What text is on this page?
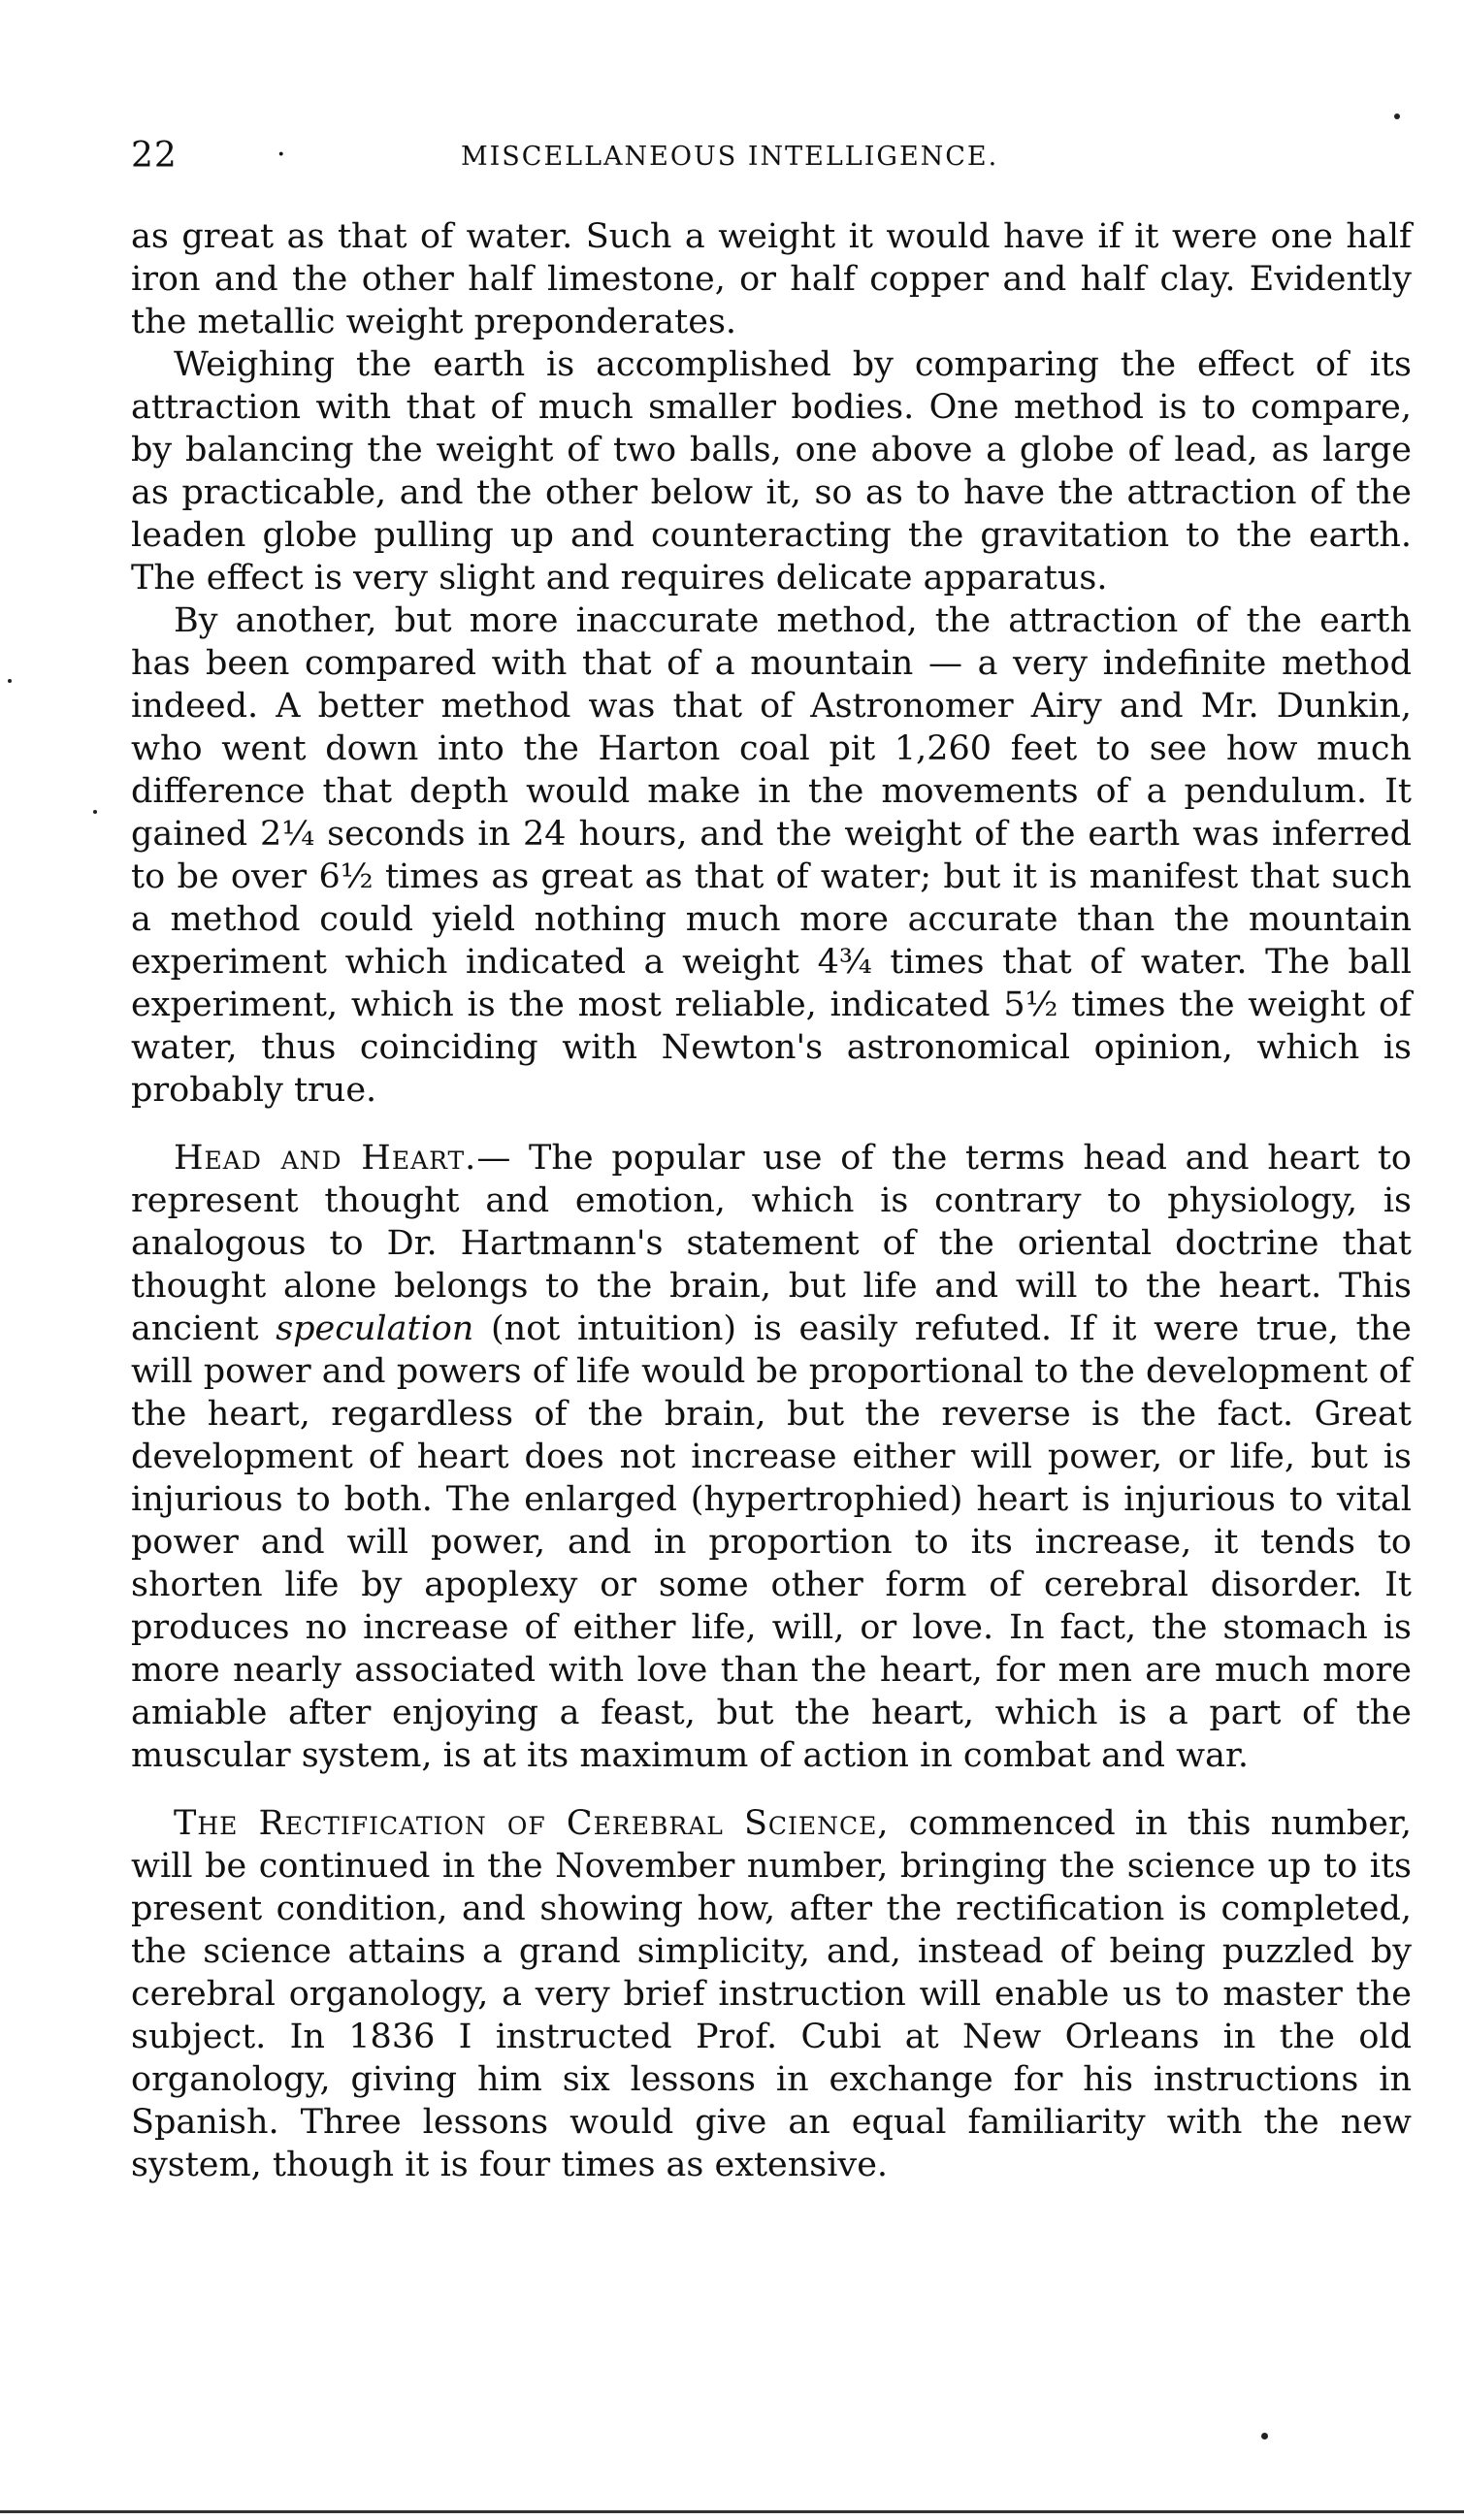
22	·	MISCELLANEOUS INTELLIGENCE.

as great as that of water. Such a weight it would have if it were one half iron and the other half limestone, or half copper and half clay. Evidently the metallic weight preponderates.

Weighing the earth is accomplished by comparing the effect of its attraction with that of much smaller bodies. One method is to compare, by balancing the weight of two balls, one above a globe of lead, as large as practicable, and the other below it, so as to have the attraction of the leaden globe pulling up and counteracting the gravitation to the earth. The effect is very slight and requires delicate apparatus.

By another, but more inaccurate method, the attraction of the earth has been compared with that of a mountain — a very indefinite method indeed. A better method was that of Astronomer Airy and Mr. Dunkin, who went down into the Harton coal pit 1,260 feet to see how much difference that depth would make in the movements of a pendulum. It gained 2¼ seconds in 24 hours, and the weight of the earth was inferred to be over 6½ times as great as that of water; but it is manifest that such a method could yield nothing much more accurate than the mountain experiment which indicated a weight 4¾ times that of water. The ball experiment, which is the most reliable, indicated 5½ times the weight of water, thus coinciding with Newton's astronomical opinion, which is probably true.

Head and Heart.— The popular use of the terms head and heart to represent thought and emotion, which is contrary to physiology, is analogous to Dr. Hartmann's statement of the oriental doctrine that thought alone belongs to the brain, but life and will to the heart. This ancient speculation (not intuition) is easily refuted. If it were true, the will power and powers of life would be proportional to the development of the heart, regardless of the brain, but the reverse is the fact. Great development of heart does not increase either will power, or life, but is injurious to both. The enlarged (hypertrophied) heart is injurious to vital power and will power, and in proportion to its increase, it tends to shorten life by apoplexy or some other form of cerebral disorder. It produces no increase of either life, will, or love. In fact, the stomach is more nearly associated with love than the heart, for men are much more amiable after enjoying a feast, but the heart, which is a part of the muscular system, is at its maximum of action in combat and war.

The Rectification of Cerebral Science, commenced in this number, will be continued in the November number, bringing the science up to its present condition, and showing how, after the rectification is completed, the science attains a grand simplicity, and, instead of being puzzled by cerebral organology, a very brief instruction will enable us to master the subject. In 1836 I instructed Prof. Cubi at New Orleans in the old organology, giving him six lessons in exchange for his instructions in Spanish. Three lessons would give an equal familiarity with the new system, though it is four times as extensive.
